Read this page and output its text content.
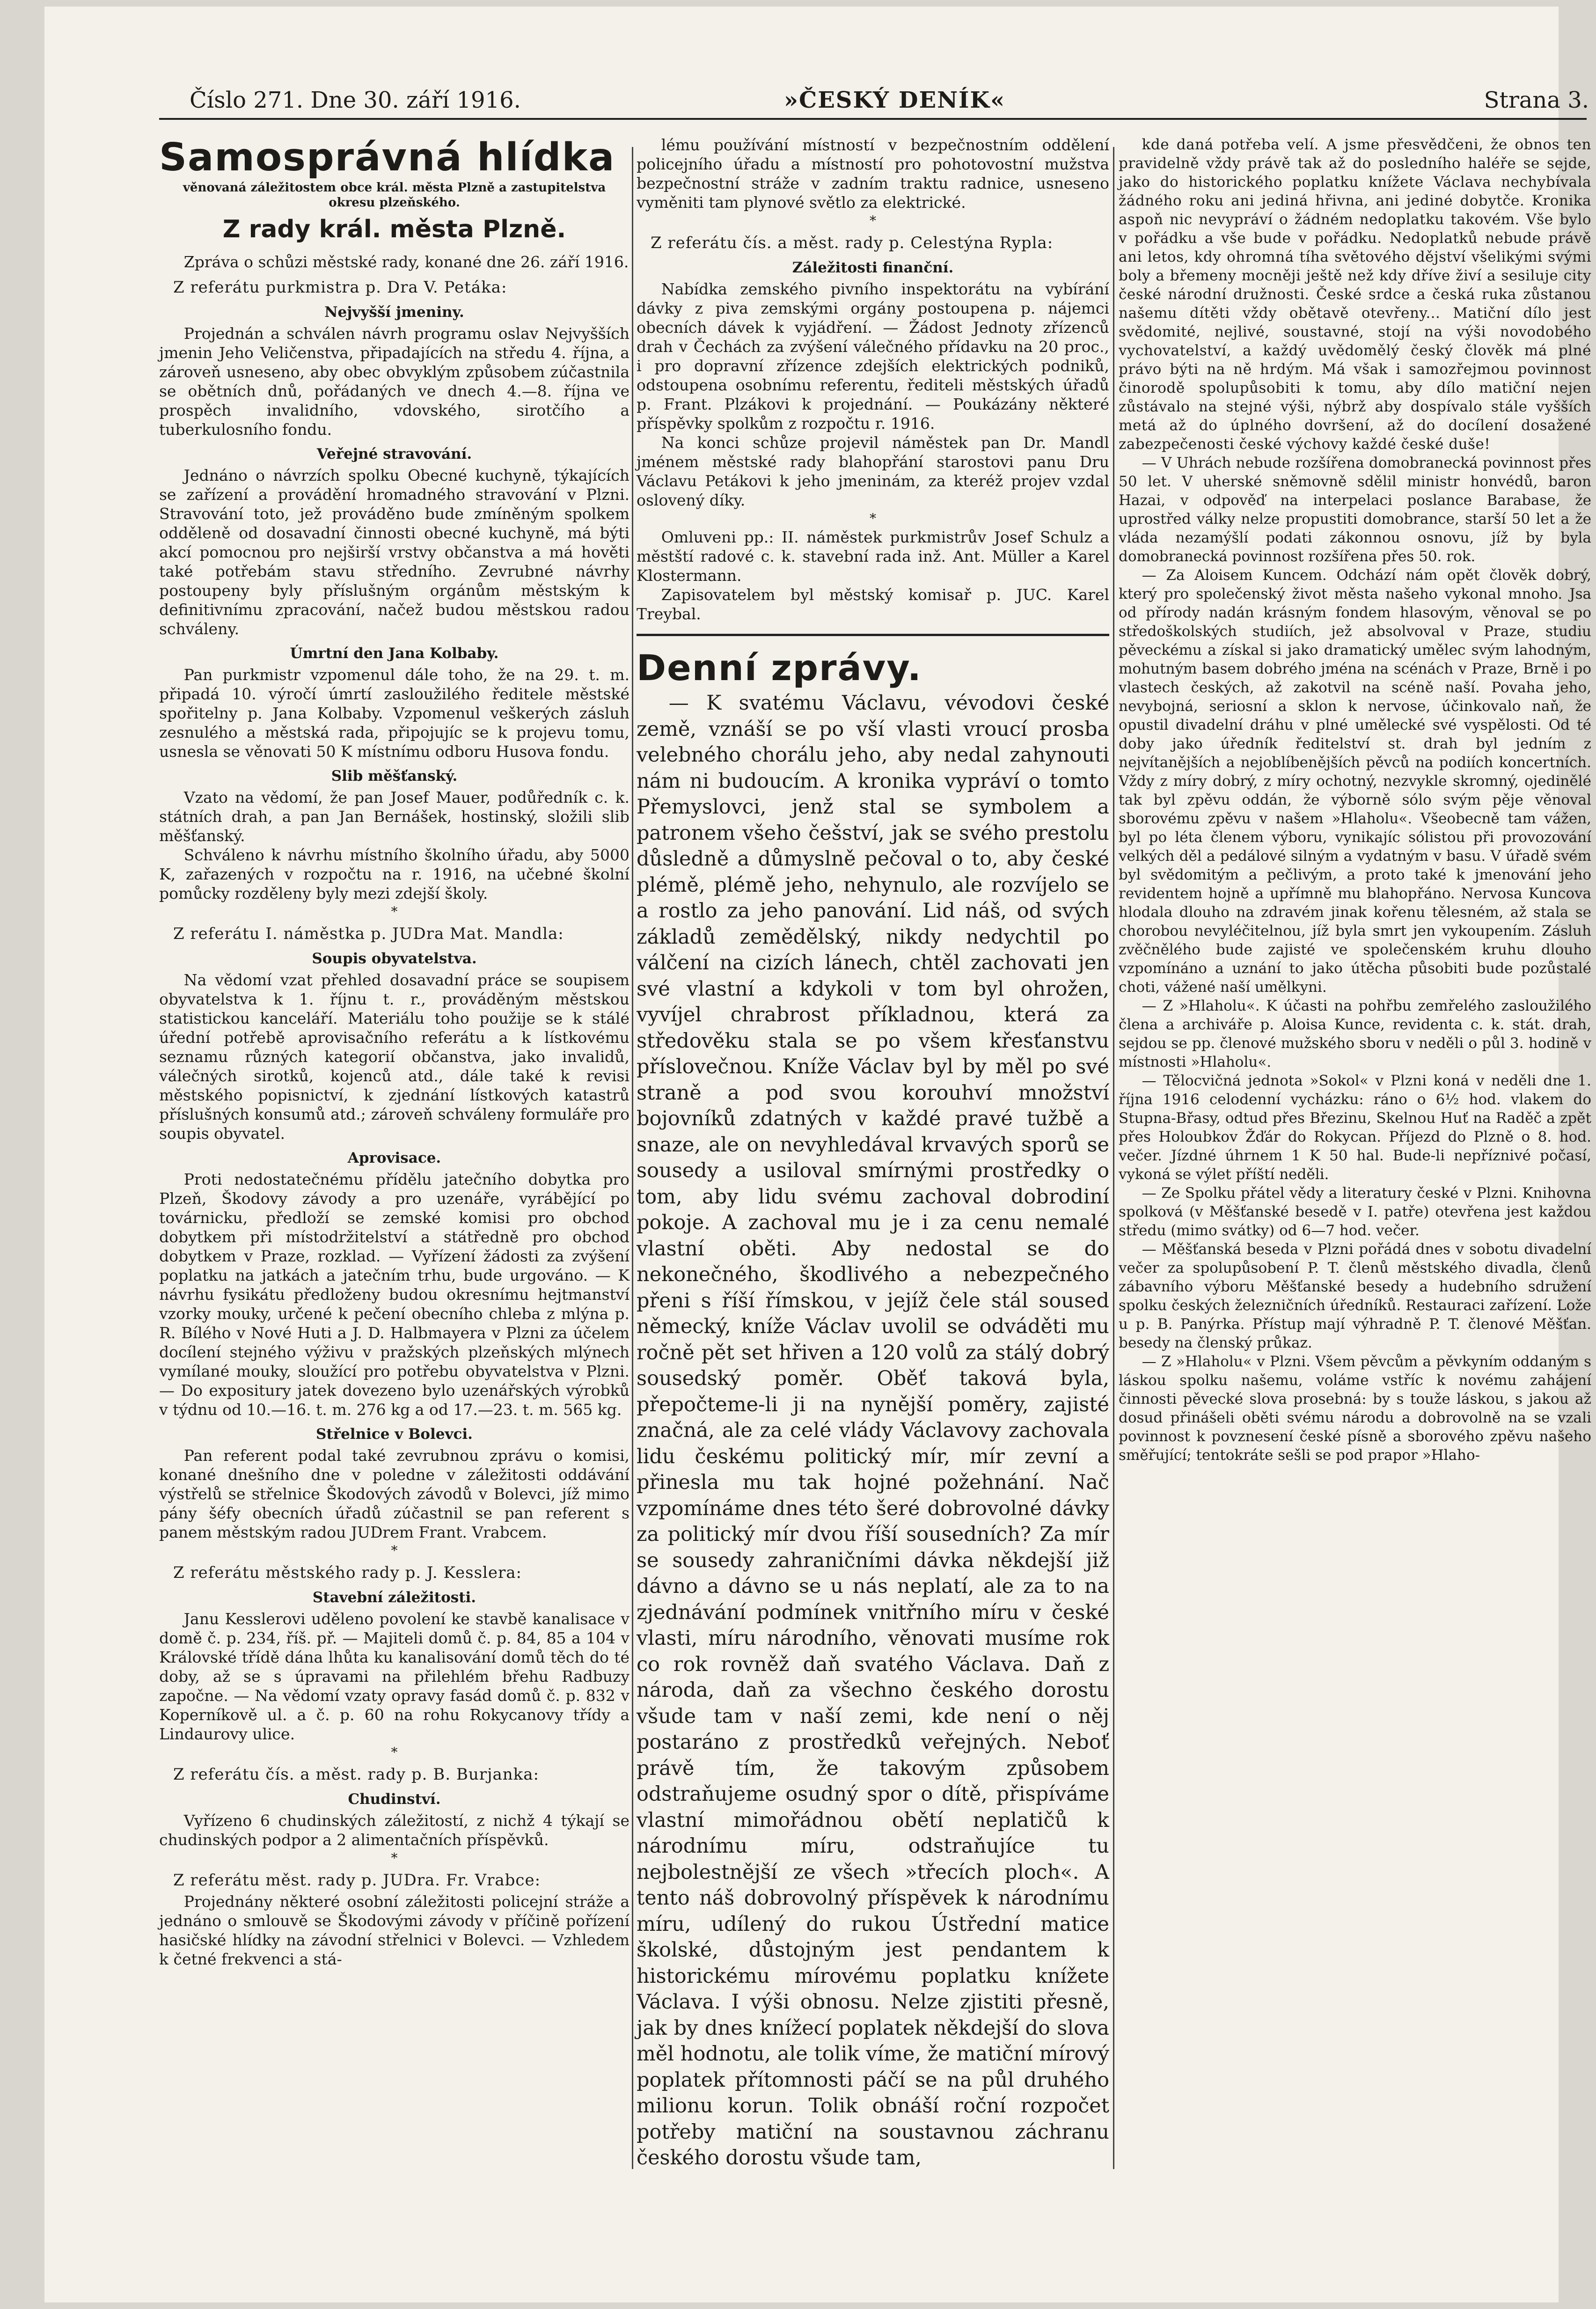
Číslo 271. Dne 30. září 1916.	»ČESKÝ DENÍK«	Strana 3.
Samosprávná hlídka
věnovaná záležitostem obce král. města Plzně a zastupitelstva okresu plzeňského.
Z rady král. města Plzně.
Zpráva o schůzi městské rady, konané dne 26. září 1916.
Z referátu purkmistra p. Dra V. Petáka:
Nejvyšší jmeniny.
Projednán a schválen návrh programu oslav Nejvyšších jmenin Jeho Veličenstva, připadajících na středu 4. října, a zároveň usneseno, aby obec obvyklým způsobem zúčastnila se obětních dnů, pořádaných ve dnech 4.—8. října ve prospěch invalidního, vdovského, sirotčího a tuberkulosního fondu.
Veřejné stravování.
Jednáno o návrzích spolku Obecné kuchyně, týkajících se zařízení a provádění hromadného stravování v Plzni. Stravování toto, jež prováděno bude zmíněným spolkem odděleně od dosavadní činnosti obecné kuchyně, má býti akcí pomocnou pro nejširší vrstvy občanstva a má hověti také potřebám stavu středního. Zevrubné návrhy postoupeny byly příslušným orgánům městským k definitivnímu zpracování, načež budou městskou radou schváleny.
Úmrtní den Jana Kolbaby.
Pan purkmistr vzpomenul dále toho, že na 29. t. m. připadá 10. výročí úmrtí zasloužilého ředitele městské spořitelny p. Jana Kolbaby. Vzpomenul veškerých zásluh zesnulého a městská rada, připojujíc se k projevu tomu, usnesla se věnovati 50 K místnímu odboru Husova fondu.
Slib měšťanský.
Vzato na vědomí, že pan Josef Mauer, podůředník c. k. státních drah, a pan Jan Bernášek, hostinský, složili slib měšťanský.
Schváleno k návrhu místního školního úřadu, aby 5000 K, zařazených v rozpočtu na r. 1916, na učebné školní pomůcky rozděleny byly mezi zdejší školy.
*
Z referátu I. náměstka p. JUDra Mat. Mandla:
Soupis obyvatelstva.
Na vědomí vzat přehled dosavadní práce se soupisem obyvatelstva k 1. říjnu t. r., prováděným městskou statistickou kanceláří. Materiálu toho použije se k stálé úřední potřebě aprovisačního referátu a k lístkovému seznamu různých kategorií občanstva, jako invalidů, válečných sirotků, kojenců atd., dále také k revisi městského popisnictví, k zjednání lístkových katastrů příslušných konsumů atd.; zároveň schváleny formuláře pro soupis obyvatel.
Aprovisace.
Proti nedostatečnému přídělu jatečního dobytka pro Plzeň, Škodovy závody a pro uzenáře, vyrábějící po továrnicku, předloží se zemské komisi pro obchod dobytkem při místodržitelství a státředně pro obchod dobytkem v Praze, rozklad. — Vyřízení žádosti za zvýšení poplatku na jatkách a jatečním trhu, bude urgováno. — K návrhu fysikátu předloženy budou okresnímu hejtmanství vzorky mouky, určené k pečení obecního chleba z mlýna p. R. Bílého v Nové Huti a J. D. Halbmayera v Plzni za účelem docílení stejného výživu v pražských plzeňských mlýnech vymílané mouky, sloužící pro potřebu obyvatelstva v Plzni. — Do expositury jatek dovezeno bylo uzenářských výrobků v týdnu od 10.—16. t. m. 276 kg a od 17.—23. t. m. 565 kg.
Střelnice v Bolevci.
Pan referent podal také zevrubnou zprávu o komisi, konané dnešního dne v poledne v záležitosti oddávání výstřelů se střelnice Škodových závodů v Bolevci, jíž mimo pány šéfy obecních úřadů zúčastnil se pan referent s panem městským radou JUDrem Frant. Vrabcem.
*
Z referátu městského rady p. J. Kesslera:
Stavební záležitosti.
Janu Kesslerovi uděleno povolení ke stavbě kanalisace v domě č. p. 234, říš. př. — Majiteli domů č. p. 84, 85 a 104 v Královské třídě dána lhůta ku kanalisování domů těch do té doby, až se s úpravami na přilehlém břehu Radbuzy započne. — Na vědomí vzaty opravy fasád domů č. p. 832 v Koperníkově ul. a č. p. 60 na rohu Rokycanovy třídy a Lindaurovy ulice.
*
Z referátu čís. a měst. rady p. B. Burjanka:
Chudinství.
Vyřízeno 6 chudinských záležitostí, z nichž 4 týkají se chudinských podpor a 2 alimentačních příspěvků.
*
Z referátu měst. rady p. JUDra. Fr. Vrabce:
Projednány některé osobní záležitosti policejní stráže a jednáno o smlouvě se Škodovými závody v příčině pořízení hasičské hlídky na závodní střelnici v Bolevci. — Vzhledem k četné frekvenci a stá-
lému používání místností v bezpečnostním oddělení policejního úřadu a místností pro pohotovostní mužstva bezpečnostní stráže v zadním traktu radnice, usneseno vyměniti tam plynové světlo za elektrické.
*
Z referátu čís. a měst. rady p. Celestýna Rypla:
Záležitosti finanční.
Nabídka zemského pivního inspektorátu na vybírání dávky z piva zemskými orgány postoupena p. nájemci obecních dávek k vyjádření. — Žádost Jednoty zřízenců drah v Čechách za zvýšení válečného přídavku na 20 proc., i pro dopravní zřízence zdejších elektrických podniků, odstoupena osobnímu referentu, řediteli městských úřadů p. Frant. Plzákovi k projednání. — Poukázány některé příspěvky spolkům z rozpočtu r. 1916.
Na konci schůze projevil náměstek pan Dr. Mandl jménem městské rady blahopřání starostovi panu Dru Václavu Petákovi k jeho jmeninám, za kteréž projev vzdal oslovený díky.
*
Omluveni pp.: II. náměstek purkmistrův Josef Schulz a městští radové c. k. stavební rada inž. Ant. Müller a Karel Klostermann.
Zapisovatelem byl městský komisař p. JUC. Karel Treybal.
Denní zprávy.
— K svatému Václavu, vévodovi české země, vznáší se po vší vlasti vroucí prosba velebného chorálu jeho, aby nedal zahynouti nám ni budoucím. A kronika vypráví o tomto Přemyslovci, jenž stal se symbolem a patronem všeho češství, jak se svého prestolu důsledně a důmyslně pečoval o to, aby české plémě, plémě jeho, nehynulo, ale rozvíjelo se a rostlo za jeho panování. Lid náš, od svých základů zemědělský, nikdy nedychtil po válčení na cizích lánech, chtěl zachovati jen své vlastní a kdykoli v tom byl ohrožen, vyvíjel chrabrost příkladnou, která za středověku stala se po všem křesťanstvu příslovečnou. Kníže Václav byl by měl po své straně a pod svou korouhví množství bojovníků zdatných v každé pravé tužbě a snaze, ale on nevyhledával krvavých sporů se sousedy a usiloval smírnými prostředky o tom, aby lidu svému zachoval dobrodiní pokoje. A zachoval mu je i za cenu nemalé vlastní oběti. Aby nedostal se do nekonečného, škodlivého a nebezpečného přeni s říší římskou, v jejíž čele stál soused německý, kníže Václav uvolil se odváděti mu ročně pět set hřiven a 120 volů za stálý dobrý sousedský poměr. Oběť taková byla, přepočteme-li ji na nynější poměry, zajisté značná, ale za celé vlády Václavovy zachovala lidu českému politický mír, mír zevní a přinesla mu tak hojné požehnání. Nač vzpomínáme dnes této šeré dobrovolné dávky za politický mír dvou říší sousedních? Za mír se sousedy zahraničními dávka někdejší již dávno a dávno se u nás neplatí, ale za to na zjednávání podmínek vnitřního míru v české vlasti, míru národního, věnovati musíme rok co rok rovněž daň svatého Václava. Daň z národa, daň za všechno českého dorostu všude tam v naší zemi, kde není o něj postaráno z prostředků veřejných. Neboť právě tím, že takovým způsobem odstraňujeme osudný spor o dítě, přispíváme vlastní mimořádnou obětí neplatičů k národnímu míru, odstraňujíce tu nejbolestnější ze všech »třecích ploch«. A tento náš dobrovolný příspěvek k národnímu míru, udílený do rukou Ústřední matice školské, důstojným jest pendantem k historickému mírovému poplatku knížete Václava. I výši obnosu. Nelze zjistiti přesně, jak by dnes knížecí poplatek někdejší do slova měl hodnotu, ale tolik víme, že matiční mírový poplatek přítomnosti páčí se na půl druhého milionu korun. Tolik obnáší roční rozpočet potřeby matiční na soustavnou záchranu českého dorostu všude tam,
kde daná potřeba velí. A jsme přesvědčeni, že obnos ten pravidelně vždy právě tak až do posledního haléře se sejde, jako do historického poplatku knížete Václava nechybívala žádného roku ani jediná hřivna, ani jediné dobytče. Kronika aspoň nic nevypráví o žádném nedoplatku takovém. Vše bylo v pořádku a vše bude v pořádku. Nedoplatků nebude právě ani letos, kdy ohromná tíha světového dějství všelikými svými boly a břemeny mocněji ještě než kdy dříve živí a sesiluje city české národní družnosti. České srdce a česká ruka zůstanou našemu dítěti vždy obětavě otevřeny... Matiční dílo jest svědomité, nejlivé, soustavné, stojí na výši novodobého vychovatelství, a každý uvědomělý český člověk má plné právo býti na ně hrdým. Má však i samozřejmou povinnost činorodě spolupůsobiti k tomu, aby dílo matiční nejen zůstávalo na stejné výši, nýbrž aby dospívalo stále vyšších metá až do úplného dovršení, až do docílení dosažené zabezpečenosti české výchovy každé české duše!
— V Uhrách nebude rozšířena domobranecká povinnost přes 50 let. V uherské sněmovně sdělil ministr honvédů, baron Hazai, v odpověď na interpelaci poslance Barabase, že uprostřed války nelze propustiti domobrance, starší 50 let a že vláda nezamýšlí podati zákonnou osnovu, jíž by byla domobranecká povinnost rozšířena přes 50. rok.
— Za Aloisem Kuncem. Odchází nám opět člověk dobrý, který pro společenský život města našeho vykonal mnoho. Jsa od přírody nadán krásným fondem hlasovým, věnoval se po středoškolských studiích, jež absolvoval v Praze, studiu pěveckému a získal si jako dramatický umělec svým lahodným, mohutným basem dobrého jména na scénách v Praze, Brně i po vlastech českých, až zakotvil na scéně naší. Povaha jeho, nevybojná, seriosní a sklon k nervose, účinkovalo naň, že opustil divadelní dráhu v plné umělecké své vyspělosti. Od té doby jako úředník ředitelství st. drah byl jedním z nejvítanějších a nejoblíbenějších pěvců na podiích koncertních. Vždy z míry dobrý, z míry ochotný, nezvykle skromný, ojedinělé tak byl zpěvu oddán, že výborně sólo svým pěje věnoval sborovému zpěvu v našem »Hlaholu«. Všeobecně tam vážen, byl po léta členem výboru, vynikajíc sólistou při provozování velkých děl a pedálové silným a vydatným v basu. V úřadě svém byl svědomitým a pečlivým, a proto také k jmenování jeho revidentem hojně a upřímně mu blahopřáno. Nervosa Kuncova hlodala dlouho na zdravém jinak kořenu tělesném, až stala se chorobou nevyléčitelnou, jíž byla smrt jen vykoupením. Zásluh zvěčnělého bude zajisté ve společenském kruhu dlouho vzpomínáno a uznání to jako útěcha působiti bude pozůstalé choti, vážené naší umělkyni.
— Z »Hlaholu«. K účasti na pohřbu zemřelého zasloužilého člena a archiváře p. Aloisa Kunce, revidenta c. k. stát. drah, sejdou se pp. členové mužského sboru v neděli o půl 3. hodině v místnosti »Hlaholu«.
— Tělocvičná jednota »Sokol« v Plzni koná v neděli dne 1. října 1916 celodenní vycházku: ráno o 6½ hod. vlakem do Stupna-Břasy, odtud přes Březinu, Skelnou Huť na Raděč a zpět přes Holoubkov Žďár do Rokycan. Příjezd do Plzně o 8. hod. večer. Jízdné úhrnem 1 K 50 hal. Bude-li nepříznivé počasí, vykoná se výlet příští neděli.
— Ze Spolku přátel vědy a literatury české v Plzni. Knihovna spolková (v Měšťanské besedě v I. patře) otevřena jest každou středu (mimo svátky) od 6—7 hod. večer.
— Měšťanská beseda v Plzni pořádá dnes v sobotu divadelní večer za spolupůsobení P. T. členů městského divadla, členů zábavního výboru Měšťanské besedy a hudebního sdružení spolku českých železničních úředníků. Restauraci zařízení. Lože u p. B. Panýrka. Přístup mají výhradně P. T. členové Měšťan. besedy na členský průkaz.
— Z »Hlaholu« v Plzni. Všem pěvcům a pěvkyním oddaným s láskou spolku našemu, voláme vstříc k novému zahájení činnosti pěvecké slova prosebná: by s touže láskou, s jakou až dosud přinášeli oběti svému národu a dobrovolně na se vzali povinnost k povznesení české písně a sborového zpěvu našeho směřující; tentokráte sešli se pod prapor »Hlaho-
